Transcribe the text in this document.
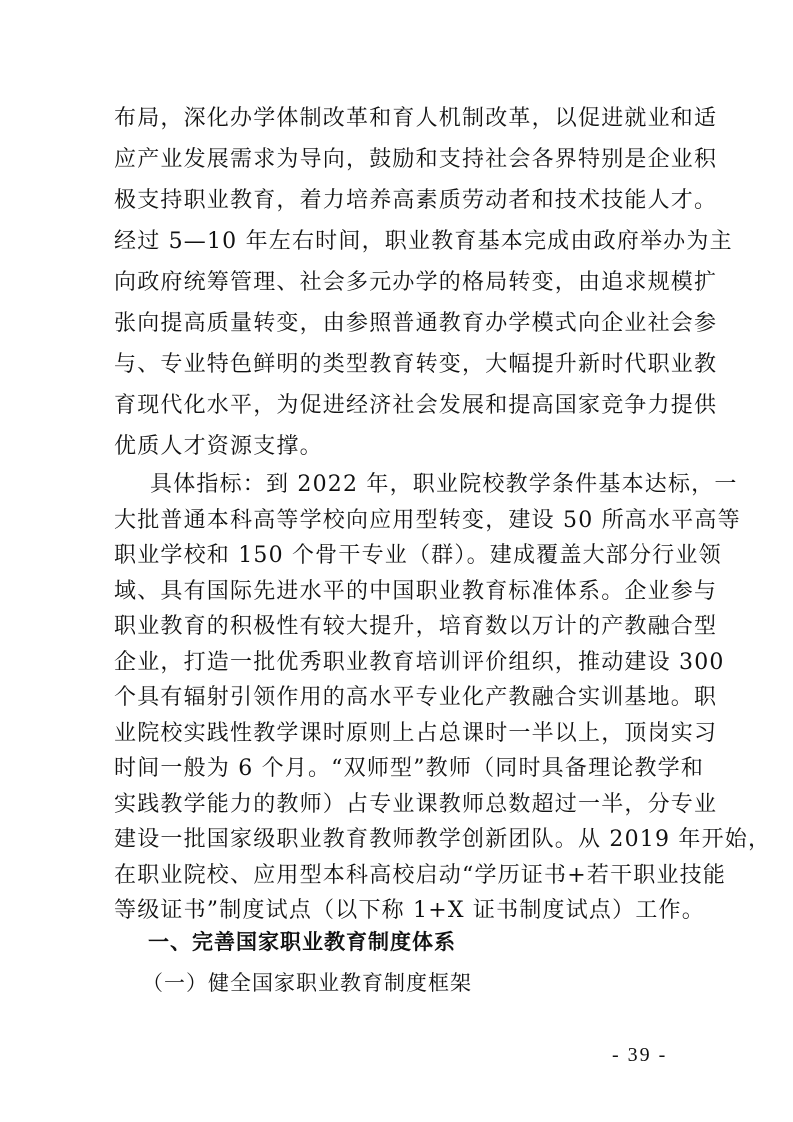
布局，深化办学体制改革和育人机制改革，以促进就业和适
应产业发展需求为导向，鼓励和支持社会各界特别是企业积
极支持职业教育，着力培养高素质劳动者和技术技能人才。
经过 5—10 年左右时间，职业教育基本完成由政府举办为主
向政府统筹管理、社会多元办学的格局转变，由追求规模扩
张向提高质量转变，由参照普通教育办学模式向企业社会参
与、专业特色鲜明的类型教育转变，大幅提升新时代职业教
育现代化水平，为促进经济社会发展和提高国家竞争力提供
优质人才资源支撑。
具体指标：到 2022 年，职业院校教学条件基本达标，一
大批普通本科高等学校向应用型转变，建设 50 所高水平高等
职业学校和 150 个骨干专业（群）。建成覆盖大部分行业领
域、具有国际先进水平的中国职业教育标准体系。企业参与
职业教育的积极性有较大提升，培育数以万计的产教融合型
企业，打造一批优秀职业教育培训评价组织，推动建设 300
个具有辐射引领作用的高水平专业化产教融合实训基地。职
业院校实践性教学课时原则上占总课时一半以上，顶岗实习
时间一般为 6 个月。“双师型”教师（同时具备理论教学和
实践教学能力的教师）占专业课教师总数超过一半，分专业
建设一批国家级职业教育教师教学创新团队。从 2019 年开始，
在职业院校、应用型本科高校启动“学历证书+若干职业技能
等级证书”制度试点（以下称 1+X 证书制度试点）工作。
一、完善国家职业教育制度体系
（一）健全国家职业教育制度框架
- 39 -
